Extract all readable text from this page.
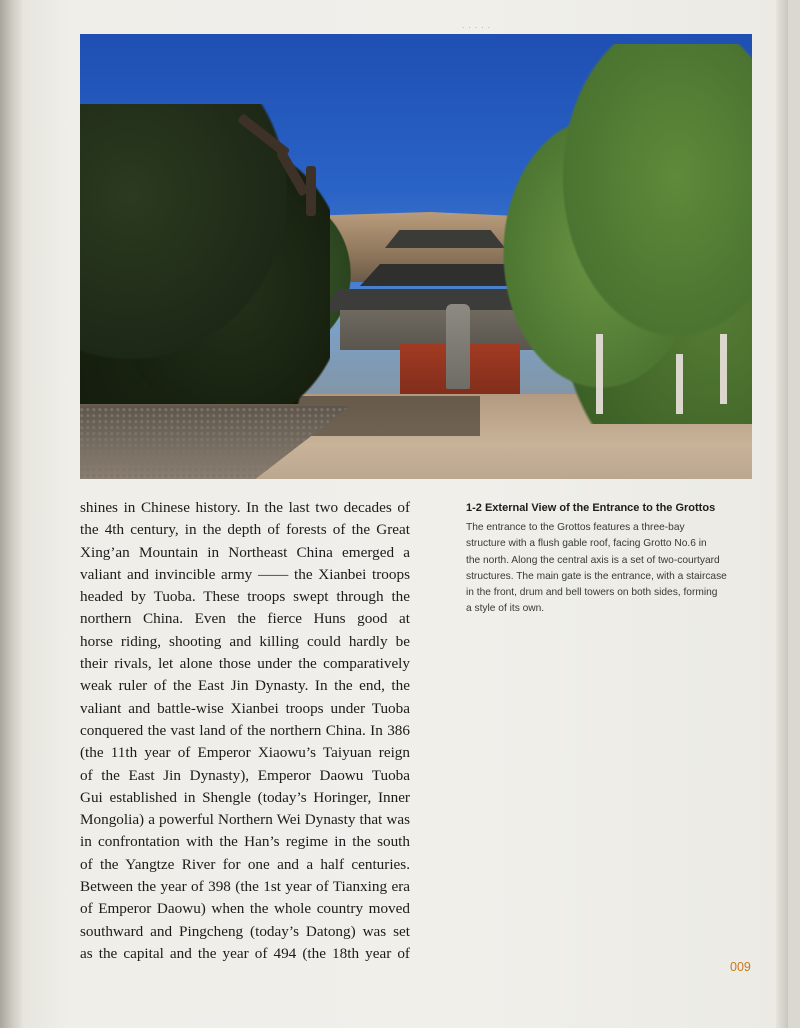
· · · · ·
shines in Chinese history. In the last two decades of
the 4th century, in the depth of forests of the Great
Xing’an Mountain in Northeast China emerged a
valiant and invincible army —— the Xianbei troops
headed by Tuoba. These troops swept through the
northern China. Even the fierce Huns good at
horse riding, shooting and killing could hardly be
their rivals, let alone those under the comparatively
weak ruler of the East Jin Dynasty. In the end, the
valiant and battle-wise Xianbei troops under Tuoba
conquered the vast land of the northern China. In 386
(the 11th year of Emperor Xiaowu’s Taiyuan reign
of the East Jin Dynasty), Emperor Daowu Tuoba
Gui established in Shengle (today’s Horinger, Inner
Mongolia) a powerful Northern Wei Dynasty that was
in confrontation with the Han’s regime in the south
of the Yangtze River for one and a half centuries.
Between the year of 398 (the 1st year of Tianxing era
of Emperor Daowu) when the whole country moved
southward and Pingcheng (today’s Datong) was set
as the capital and the year of 494 (the 18th year of
1-2 External View of the Entrance to the Grottos
The entrance to the Grottos features a three-bay
structure with a flush gable roof, facing Grotto No.6 in
the north. Along the central axis is a set of two-courtyard
structures. The main gate is the entrance, with a staircase
in the front, drum and bell towers on both sides, forming
a style of its own.
009
